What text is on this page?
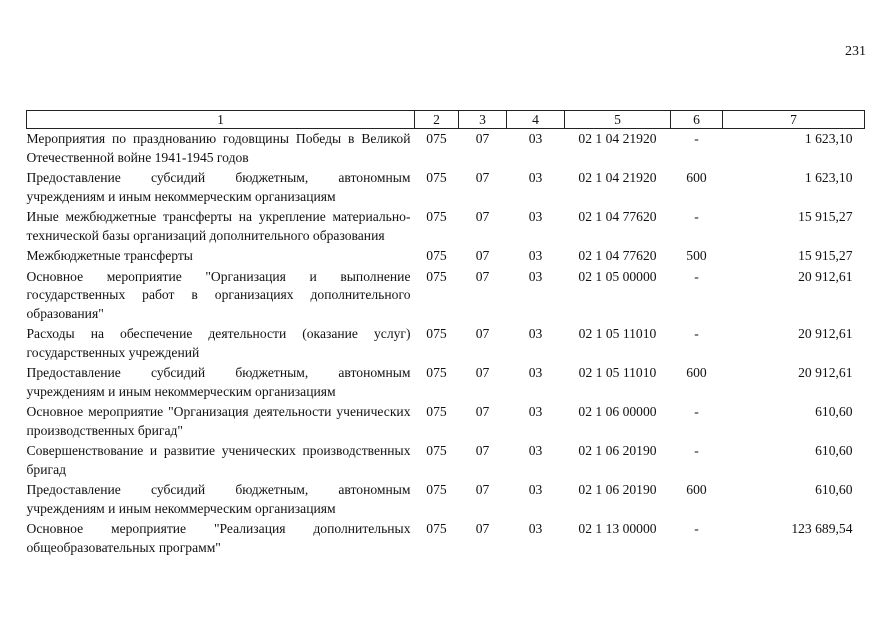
231
1	2	3	4	5	6	7
Мероприятия по празднованию годовщины Победы в Великой Отечественной войне 1941-1945 годов	075	07	03	02 1 04 21920	-	1 623,10
Предоставление субсидий бюджетным, автономным учреждениям и иным некоммерческим организациям	075	07	03	02 1 04 21920	600	1 623,10
Иные межбюджетные трансферты на укрепление материально-технической базы организаций дополнительного образования	075	07	03	02 1 04 77620	-	15 915,27
Межбюджетные трансферты	075	07	03	02 1 04 77620	500	15 915,27
Основное мероприятие "Организация и выполнение государственных работ в организациях дополнительного образования"	075	07	03	02 1 05 00000	-	20 912,61
Расходы на обеспечение деятельности (оказание услуг) государственных учреждений	075	07	03	02 1 05 11010	-	20 912,61
Предоставление субсидий бюджетным, автономным учреждениям и иным некоммерческим организациям	075	07	03	02 1 05 11010	600	20 912,61
Основное мероприятие "Организация деятельности ученических производственных бригад"	075	07	03	02 1 06 00000	-	610,60
Совершенствование и развитие ученических производственных бригад	075	07	03	02 1 06 20190	-	610,60
Предоставление субсидий бюджетным, автономным учреждениям и иным некоммерческим организациям	075	07	03	02 1 06 20190	600	610,60
Основное мероприятие "Реализация дополнительных общеобразовательных программ"	075	07	03	02 1 13 00000	-	123 689,54
